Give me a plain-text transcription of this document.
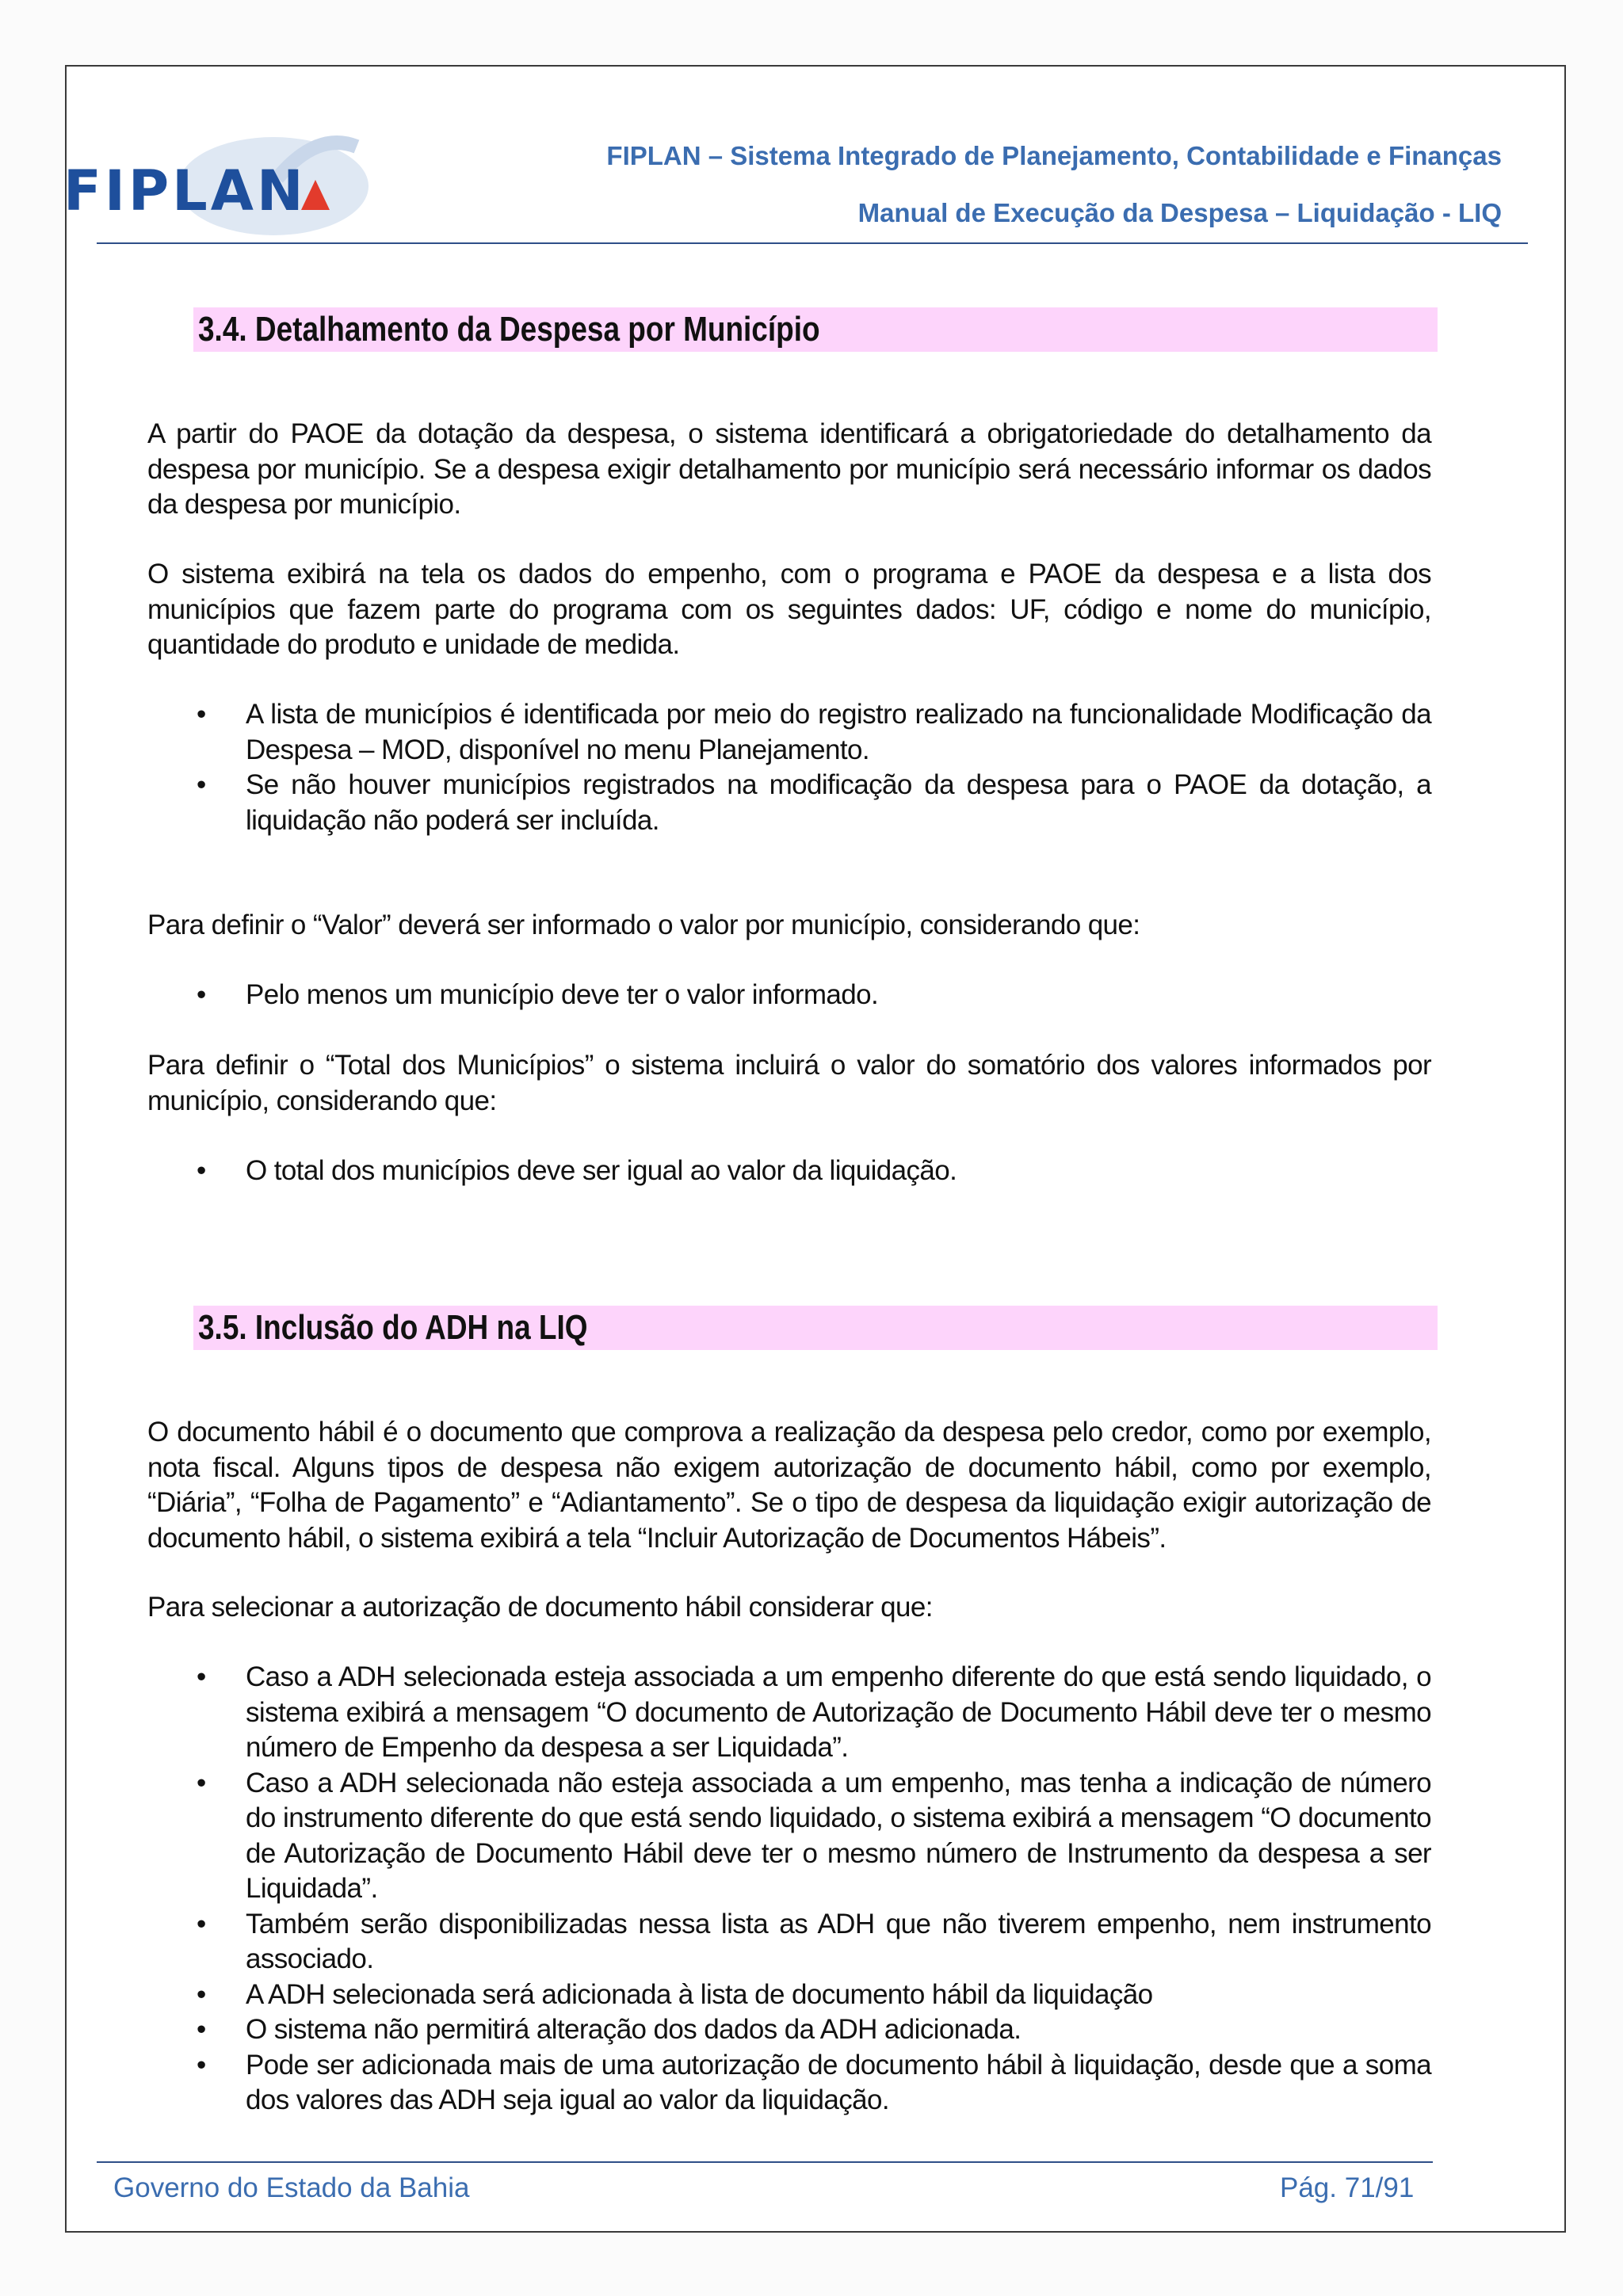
FIPLAN
FIPLAN – Sistema Integrado de Planejamento, Contabilidade e Finanças
Manual de Execução da Despesa – Liquidação - LIQ
3.4. Detalhamento da Despesa por Município
A partir do PAOE da dotação da despesa, o sistema identificará a obrigatoriedade do detalhamento da despesa por município. Se a despesa exigir detalhamento por município será necessário informar os dados da despesa por município.
O sistema exibirá na tela os dados do empenho, com o programa e PAOE da despesa e a lista dos municípios que fazem parte do programa com os seguintes dados: UF, código e nome do município, quantidade do produto e unidade de medida.
• A lista de municípios é identificada por meio do registro realizado na funcionalidade Modificação da Despesa – MOD, disponível no menu Planejamento.
• Se não houver municípios registrados na modificação da despesa para o PAOE da dotação, a liquidação não poderá ser incluída.
Para definir o “Valor” deverá ser informado o valor por município, considerando que:
• Pelo menos um município deve ter o valor informado.
Para definir o “Total dos Municípios” o sistema incluirá o valor do somatório dos valores informados por município, considerando que:
• O total dos municípios deve ser igual ao valor da liquidação.
3.5. Inclusão do ADH na LIQ
O documento hábil é o documento que comprova a realização da despesa pelo credor, como por exemplo, nota fiscal. Alguns tipos de despesa não exigem autorização de documento hábil, como por exemplo, “Diária”, “Folha de Pagamento” e “Adiantamento”. Se o tipo de despesa da liquidação exigir autorização de documento hábil, o sistema exibirá a tela “Incluir Autorização de Documentos Hábeis”.
Para selecionar a autorização de documento hábil considerar que:
• Caso a ADH selecionada esteja associada a um empenho diferente do que está sendo liquidado, o sistema exibirá a mensagem “O documento de Autorização de Documento Hábil deve ter o mesmo número de Empenho da despesa a ser Liquidada”.
• Caso a ADH selecionada não esteja associada a um empenho, mas tenha a indicação de número do instrumento diferente do que está sendo liquidado, o sistema exibirá a mensagem “O documento de Autorização de Documento Hábil deve ter o mesmo número de Instrumento da despesa a ser Liquidada”.
• Também serão disponibilizadas nessa lista as ADH que não tiverem empenho, nem instrumento associado.
• A ADH selecionada será adicionada à lista de documento hábil da liquidação
• O sistema não permitirá alteração dos dados da ADH adicionada.
• Pode ser adicionada mais de uma autorização de documento hábil à liquidação, desde que a soma dos valores das ADH seja igual ao valor da liquidação.
Governo do Estado da Bahia	Pág. 71/91
